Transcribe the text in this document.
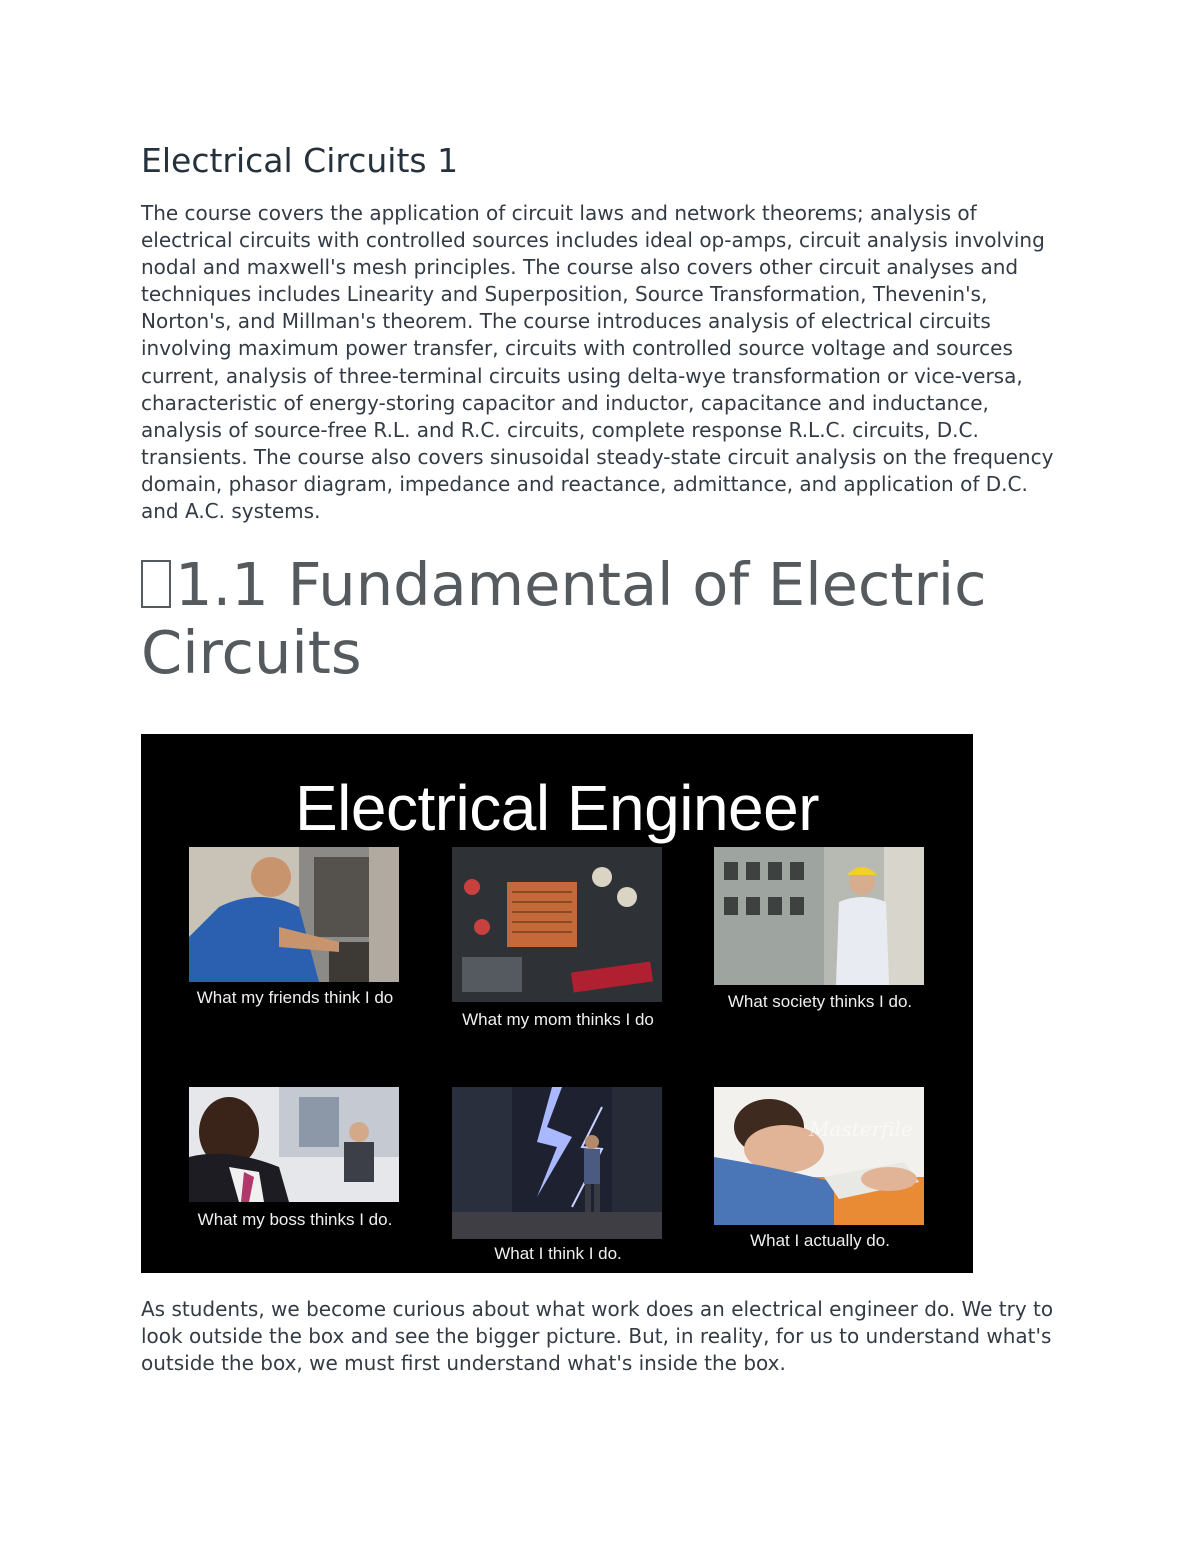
Electrical Circuits 1
The course covers the application of circuit laws and network theorems; analysis of electrical circuits with controlled sources includes ideal op-amps, circuit analysis involving nodal and maxwell's mesh principles. The course also covers other circuit analyses and techniques includes Linearity and Superposition, Source Transformation, Thevenin's, Norton's, and Millman's theorem. The course introduces analysis of electrical circuits involving maximum power transfer, circuits with controlled source voltage and sources current, analysis of three-terminal circuits using delta-wye transformation or vice-versa, characteristic of energy-storing capacitor and inductor, capacitance and inductance, analysis of source-free R.L. and R.C. circuits, complete response R.L.C. circuits, D.C. transients. The course also covers sinusoidal steady-state circuit analysis on the frequency domain, phasor diagram, impedance and reactance, admittance, and application of D.C. and A.C. systems.
1.1 Fundamental of Electric Circuits
Electrical Engineer
What my friends think I do
What my mom thinks I do
What society thinks I do.
What my boss thinks I do.
What I think I do.
Masterfile
What I actually do.
As students, we become curious about what work does an electrical engineer do. We try to look outside the box and see the bigger picture. But, in reality, for us to understand what's outside the box, we must first understand what's inside the box.
